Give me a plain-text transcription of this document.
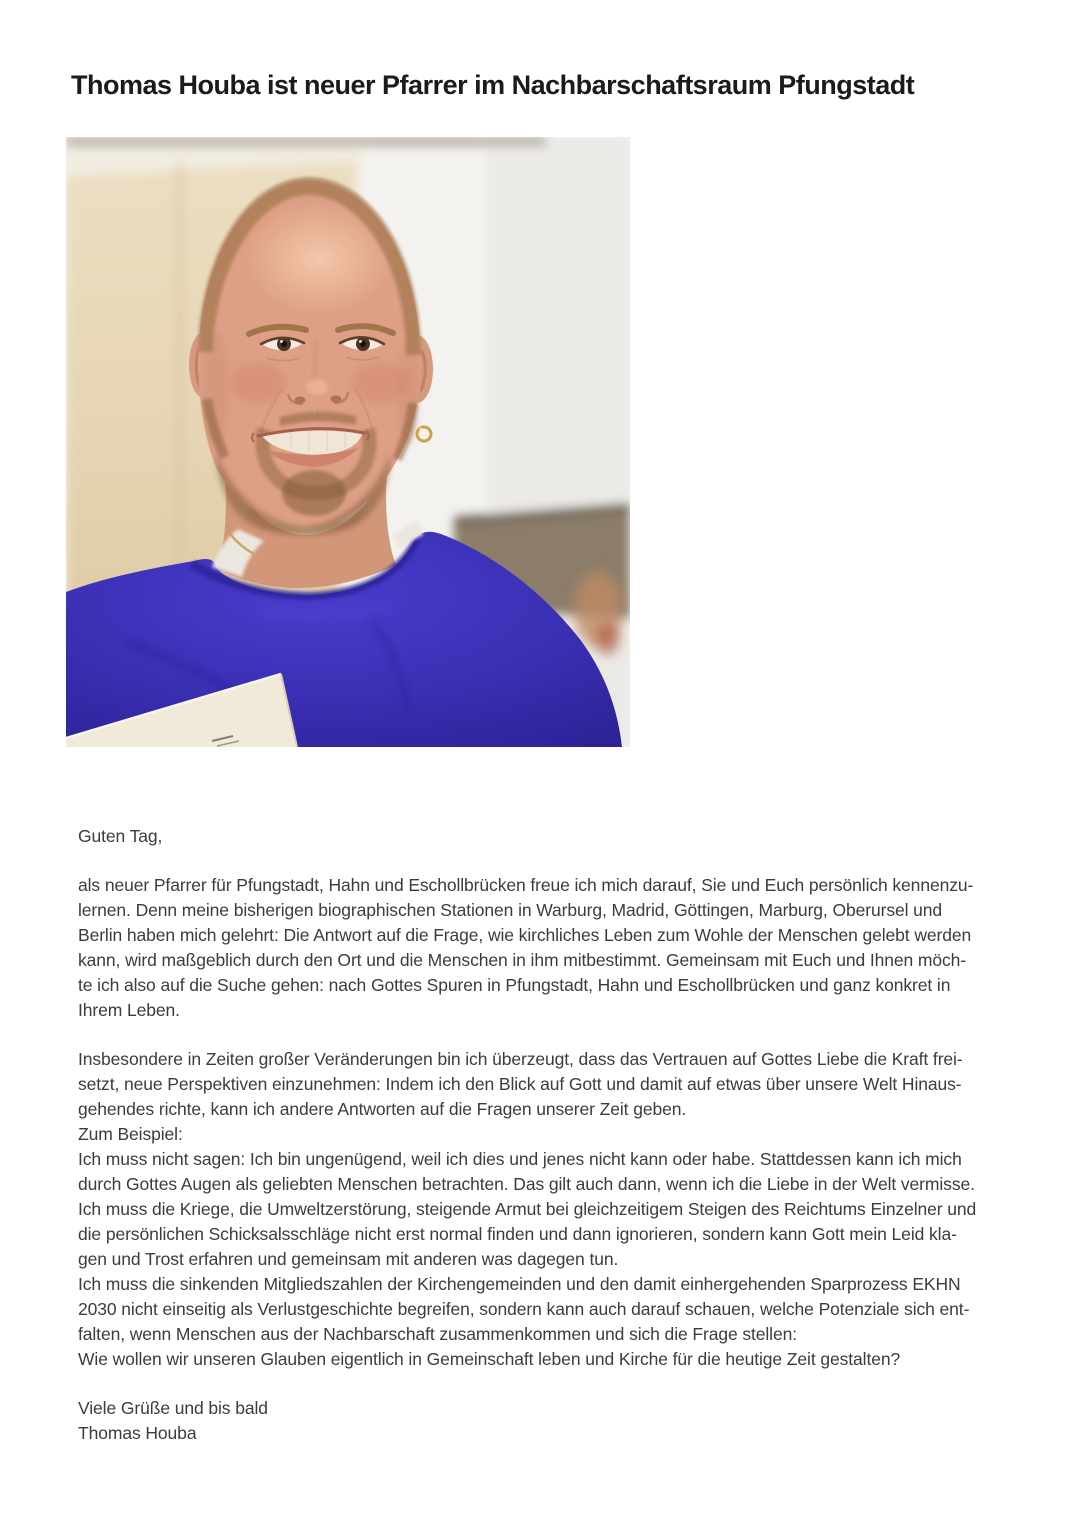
Thomas Houba ist neuer Pfarrer im Nachbarschaftsraum Pfungstadt
Guten Tag,
als neuer Pfarrer für Pfungstadt, Hahn und Eschollbrücken freue ich mich darauf, Sie und Euch persönlich kennenzu-
lernen. Denn meine bisherigen biographischen Stationen in Warburg, Madrid, Göttingen, Marburg, Oberursel und
Berlin haben mich gelehrt: Die Antwort auf die Frage, wie kirchliches Leben zum Wohle der Menschen gelebt werden
kann, wird maßgeblich durch den Ort und die Menschen in ihm mitbestimmt. Gemeinsam mit Euch und Ihnen möch-
te ich also auf die Suche gehen: nach Gottes Spuren in Pfungstadt, Hahn und Eschollbrücken und ganz konkret in
Ihrem Leben.
Insbesondere in Zeiten großer Veränderungen bin ich überzeugt, dass das Vertrauen auf Gottes Liebe die Kraft frei-
setzt, neue Perspektiven einzunehmen: Indem ich den Blick auf Gott und damit auf etwas über unsere Welt Hinaus-
gehendes richte, kann ich andere Antworten auf die Fragen unserer Zeit geben.
Zum Beispiel:
Ich muss nicht sagen: Ich bin ungenügend, weil ich dies und jenes nicht kann oder habe. Stattdessen kann ich mich
durch Gottes Augen als geliebten Menschen betrachten. Das gilt auch dann, wenn ich die Liebe in der Welt vermisse.
Ich muss die Kriege, die Umweltzerstörung, steigende Armut bei gleichzeitigem Steigen des Reichtums Einzelner und
die persönlichen Schicksalsschläge nicht erst normal finden und dann ignorieren, sondern kann Gott mein Leid kla-
gen und Trost erfahren und gemeinsam mit anderen was dagegen tun.
Ich muss die sinkenden Mitgliedszahlen der Kirchengemeinden und den damit einhergehenden Sparprozess EKHN
2030 nicht einseitig als Verlustgeschichte begreifen, sondern kann auch darauf schauen, welche Potenziale sich ent-
falten, wenn Menschen aus der Nachbarschaft zusammenkommen und sich die Frage stellen:
Wie wollen wir unseren Glauben eigentlich in Gemeinschaft leben und Kirche für die heutige Zeit gestalten?
Viele Grüße und bis bald
Thomas Houba
